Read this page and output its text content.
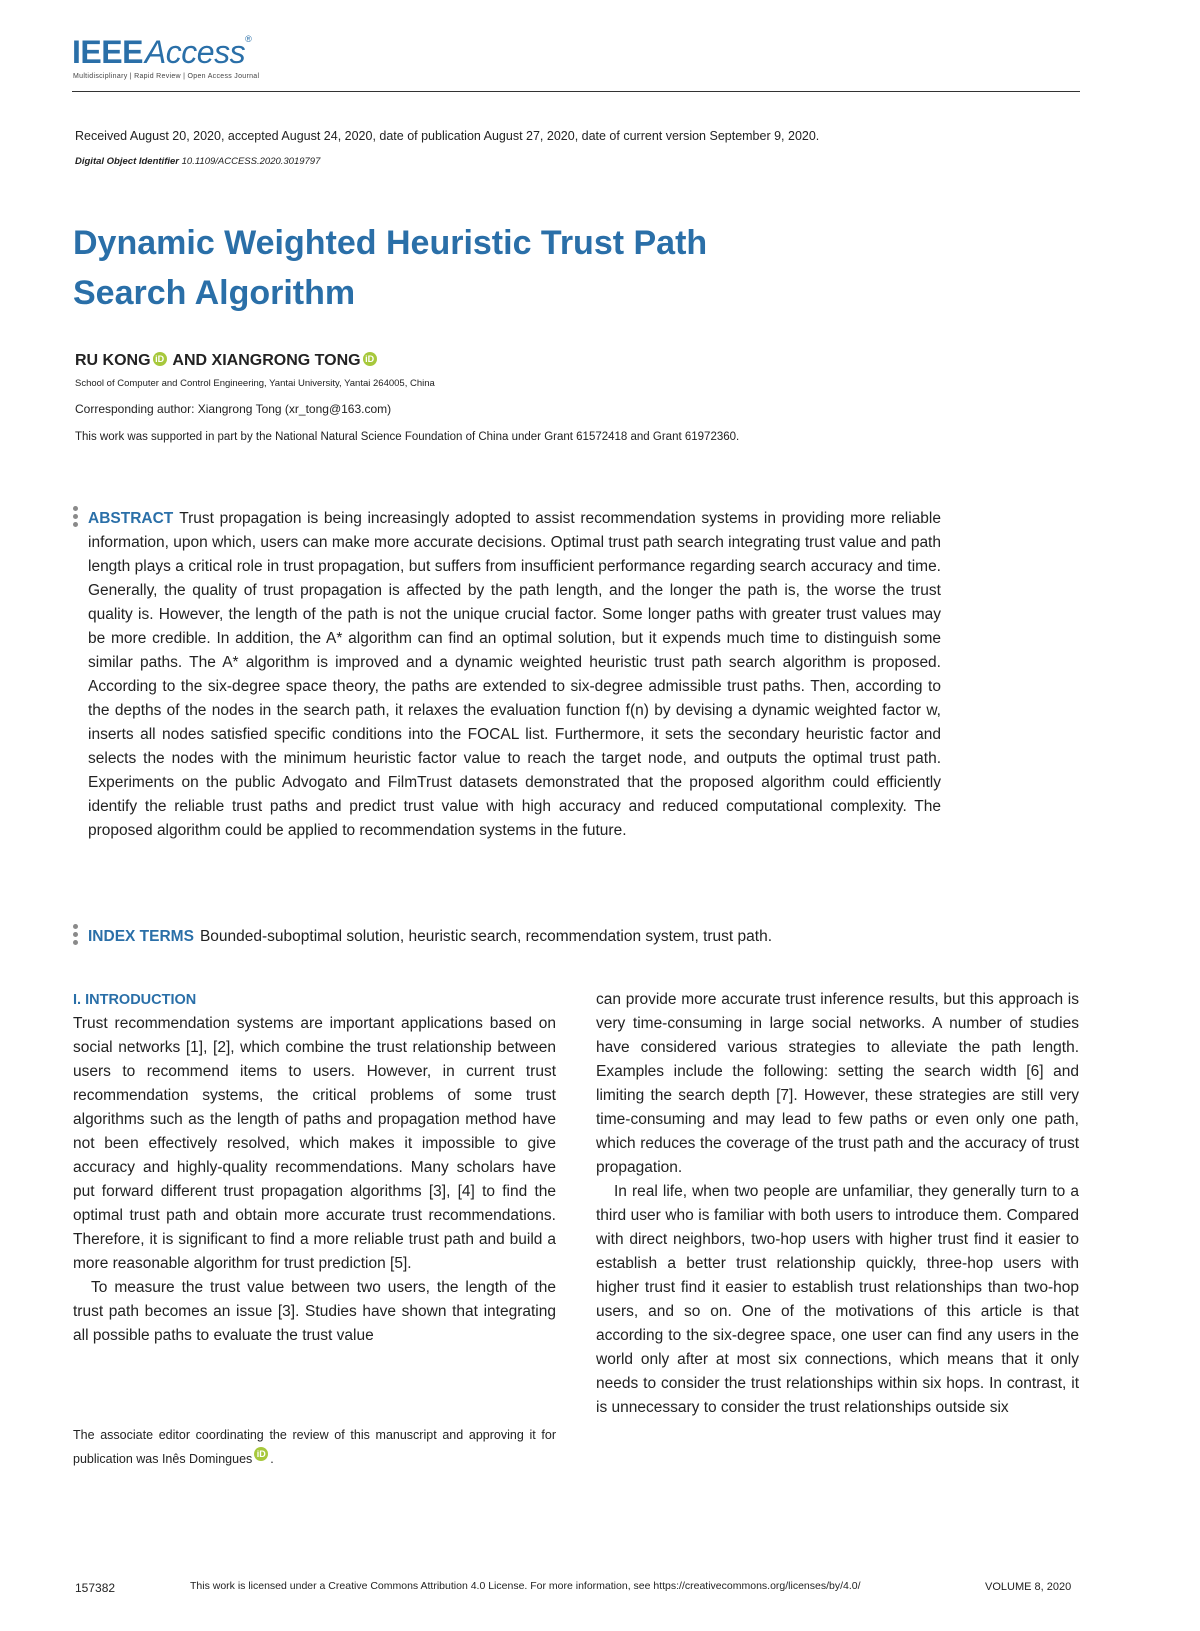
IEEEAccess®
Multidisciplinary | Rapid Review | Open Access Journal
Received August 20, 2020, accepted August 24, 2020, date of publication August 27, 2020, date of current version September 9, 2020.
Digital Object Identifier 10.1109/ACCESS.2020.3019797
Dynamic Weighted Heuristic Trust Path
Search Algorithm
RU KONG iD AND XIANGRONG TONG iD
School of Computer and Control Engineering, Yantai University, Yantai 264005, China
Corresponding author: Xiangrong Tong (xr_tong@163.com)
This work was supported in part by the National Natural Science Foundation of China under Grant 61572418 and Grant 61972360.

ABSTRACT Trust propagation is being increasingly adopted to assist recommendation systems in providing more reliable information, upon which, users can make more accurate decisions. Optimal trust path search integrating trust value and path length plays a critical role in trust propagation, but suffers from insufficient performance regarding search accuracy and time. Generally, the quality of trust propagation is affected by the path length, and the longer the path is, the worse the trust quality is. However, the length of the path is not the unique crucial factor. Some longer paths with greater trust values may be more credible. In addition, the A* algorithm can find an optimal solution, but it expends much time to distinguish some similar paths. The A* algorithm is improved and a dynamic weighted heuristic trust path search algorithm is proposed. According to the six-degree space theory, the paths are extended to six-degree admissible trust paths. Then, according to the depths of the nodes in the search path, it relaxes the evaluation function f(n) by devising a dynamic weighted factor w, inserts all nodes satisfied specific conditions into the FOCAL list. Furthermore, it sets the secondary heuristic factor and selects the nodes with the minimum heuristic factor value to reach the target node, and outputs the optimal trust path. Experiments on the public Advogato and FilmTrust datasets demonstrated that the proposed algorithm could efficiently identify the reliable trust paths and predict trust value with high accuracy and reduced computational complexity. The proposed algorithm could be applied to recommendation systems in the future.

INDEX TERMS Bounded-suboptimal solution, heuristic search, recommendation system, trust path.

I. INTRODUCTION

Trust recommendation systems are important applications based on social networks [1], [2], which combine the trust relationship between users to recommend items to users. However, in current trust recommendation systems, the critical problems of some trust algorithms such as the length of paths and propagation method have not been effectively resolved, which makes it impossible to give accuracy and highly-quality recommendations. Many scholars have put forward different trust propagation algorithms [3], [4] to find the optimal trust path and obtain more accurate trust recommendations. Therefore, it is significant to find a more reliable trust path and build a more reasonable algorithm for trust prediction [5].

To measure the trust value between two users, the length of the trust path becomes an issue [3]. Studies have shown that integrating all possible paths to evaluate the trust value

can provide more accurate trust inference results, but this approach is very time-consuming in large social networks. A number of studies have considered various strategies to alleviate the path length. Examples include the following: setting the search width [6] and limiting the search depth [7]. However, these strategies are still very time-consuming and may lead to few paths or even only one path, which reduces the coverage of the trust path and the accuracy of trust propagation.

In real life, when two people are unfamiliar, they generally turn to a third user who is familiar with both users to introduce them. Compared with direct neighbors, two-hop users with higher trust find it easier to establish a better trust relationship quickly, three-hop users with higher trust find it easier to establish trust relationships than two-hop users, and so on. One of the motivations of this article is that according to the six-degree space, one user can find any users in the world only after at most six connections, which means that it only needs to consider the trust relationships within six hops. In contrast, it is unnecessary to consider the trust relationships outside six

The associate editor coordinating the review of this manuscript and approving it for publication was Inês Domingues iD .
157382	This work is licensed under a Creative Commons Attribution 4.0 License. For more information, see https://creativecommons.org/licenses/by/4.0/	VOLUME 8, 2020
